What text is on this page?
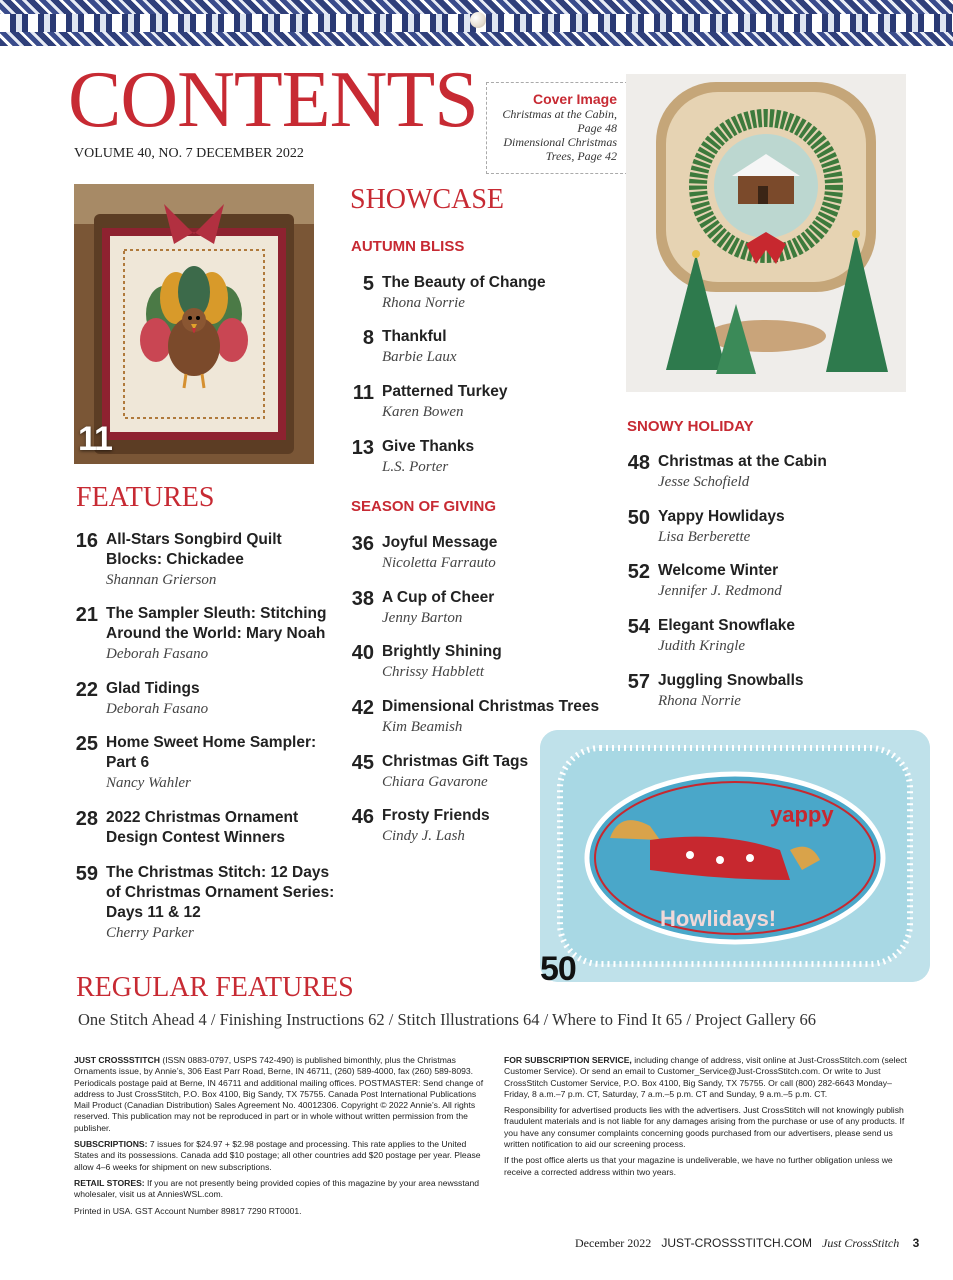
CONTENTS
VOLUME 40, NO. 7 DECEMBER 2022
Cover Image
Christmas at the Cabin,
Page 48
Dimensional Christmas
Trees, Page 42
11
yappy
Howlidays!
50
FEATURES
16 All-Stars Songbird Quilt
Blocks: Chickadee
Shannan Grierson
21 The Sampler Sleuth: Stitching
Around the World: Mary Noah
Deborah Fasano
22 Glad Tidings
Deborah Fasano
25 Home Sweet Home Sampler:
Part 6
Nancy Wahler
28 2022 Christmas Ornament
Design Contest Winners
59 The Christmas Stitch: 12 Days
of Christmas Ornament Series:
Days 11 & 12
Cherry Parker
SHOWCASE
AUTUMN BLISS
5 The Beauty of Change
Rhona Norrie
8 Thankful
Barbie Laux
11 Patterned Turkey
Karen Bowen
13 Give Thanks
L.S. Porter
SEASON OF GIVING
36 Joyful Message
Nicoletta Farrauto
38 A Cup of Cheer
Jenny Barton
40 Brightly Shining
Chrissy Habblett
42 Dimensional Christmas Trees
Kim Beamish
45 Christmas Gift Tags
Chiara Gavarone
46 Frosty Friends
Cindy J. Lash
SNOWY HOLIDAY
48 Christmas at the Cabin
Jesse Schofield
50 Yappy Howlidays
Lisa Berberette
52 Welcome Winter
Jennifer J. Redmond
54 Elegant Snowflake
Judith Kringle
57 Juggling Snowballs
Rhona Norrie
REGULAR FEATURES
One Stitch Ahead 4 / Finishing Instructions 62 / Stitch Illustrations 64 / Where to Find It 65 / Project Gallery 66

JUST CROSSSTITCH (ISSN 0883-0797, USPS 742-490) is published bimonthly, plus the Christmas Ornaments issue, by Annie’s, 306 East Parr Road, Berne, IN 46711, (260) 589-4000, fax (260) 589-8093. Periodicals postage paid at Berne, IN 46711 and additional mailing offices. POSTMASTER: Send change of address to Just CrossStitch, P.O. Box 4100, Big Sandy, TX 75755. Canada Post International Publications Mail Product (Canadian Distribution) Sales Agreement No. 40012306. Copyright © 2022 Annie’s. All rights reserved. This publication may not be reproduced in part or in whole without written permission from the publisher.

SUBSCRIPTIONS: 7 issues for $24.97 + $2.98 postage and processing. This rate applies to the United States and its possessions. Canada add $10 postage; all other countries add $20 postage per year. Please allow 4–6 weeks for shipment on new subscriptions.

RETAIL STORES: If you are not presently being provided copies of this magazine by your area newsstand wholesaler, visit us at AnniesWSL.com.

Printed in USA. GST Account Number 89817 7290 RT0001.

FOR SUBSCRIPTION SERVICE, including change of address, visit online at Just-CrossStitch.com (select Customer Service). Or send an email to Customer_Service@Just-CrossStitch.com. Or write to Just CrossStitch Customer Service, P.O. Box 4100, Big Sandy, TX 75755. Or call (800) 282-6643 Monday–Friday, 8 a.m.–7 p.m. CT, Saturday, 7 a.m.–5 p.m. CT and Sunday, 9 a.m.–5 p.m. CT.

Responsibility for advertised products lies with the advertisers. Just CrossStitch will not knowingly publish fraudulent materials and is not liable for any damages arising from the purchase or use of any products. If you have any consumer complaints concerning goods purchased from our advertisers, please send us written notification to aid our screening process.

If the post office alerts us that your magazine is undeliverable, we have no further obligation unless we receive a corrected address within two years.

December 2022 JUST-CROSSSTITCH.COM Just CrossStitch 3
